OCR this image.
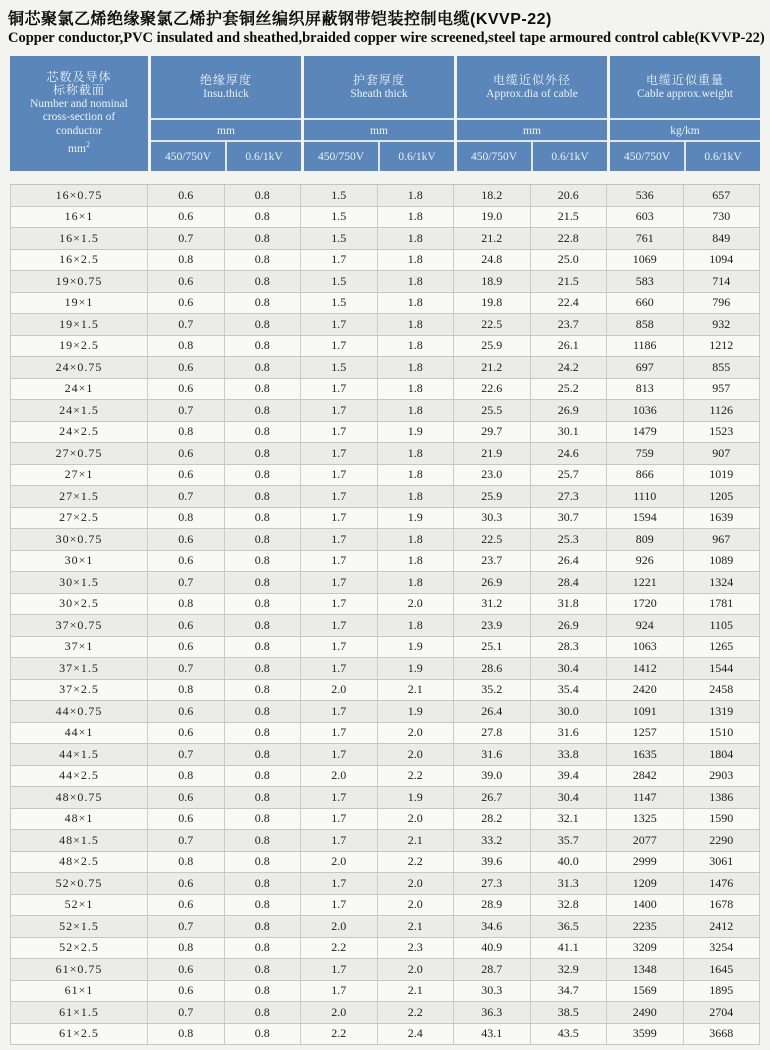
铜芯聚氯乙烯绝缘聚氯乙烯护套铜丝编织屏蔽钢带铠装控制电缆(KVVP-22)
Copper conductor,PVC insulated and sheathed,braided copper wire screened,steel tape armoured control cable(KVVP-22)
芯数及导体
标称截面
Number and nominal
cross-section of
conductor
$mm^2$
绝缘厚度
Insu.thick
mm
450/750V	0.6/1kV
护套厚度
Sheath thick
mm
450/750V	0.6/1kV
电缆近似外径
Approx.dia of cable
mm
450/750V	0.6/1kV
电缆近似重量
Cable approx.weight
kg/km
450/750V	0.6/1kV
16×0.75	0.6	0.8	1.5	1.8	18.2	20.6	536	657
16×1	0.6	0.8	1.5	1.8	19.0	21.5	603	730
16×1.5	0.7	0.8	1.5	1.8	21.2	22.8	761	849
16×2.5	0.8	0.8	1.7	1.8	24.8	25.0	1069	1094
19×0.75	0.6	0.8	1.5	1.8	18.9	21.5	583	714
19×1	0.6	0.8	1.5	1.8	19.8	22.4	660	796
19×1.5	0.7	0.8	1.7	1.8	22.5	23.7	858	932
19×2.5	0.8	0.8	1.7	1.8	25.9	26.1	1186	1212
24×0.75	0.6	0.8	1.5	1.8	21.2	24.2	697	855
24×1	0.6	0.8	1.7	1.8	22.6	25.2	813	957
24×1.5	0.7	0.8	1.7	1.8	25.5	26.9	1036	1126
24×2.5	0.8	0.8	1.7	1.9	29.7	30.1	1479	1523
27×0.75	0.6	0.8	1.7	1.8	21.9	24.6	759	907
27×1	0.6	0.8	1.7	1.8	23.0	25.7	866	1019
27×1.5	0.7	0.8	1.7	1.8	25.9	27.3	1110	1205
27×2.5	0.8	0.8	1.7	1.9	30.3	30.7	1594	1639
30×0.75	0.6	0.8	1.7	1.8	22.5	25.3	809	967
30×1	0.6	0.8	1.7	1.8	23.7	26.4	926	1089
30×1.5	0.7	0.8	1.7	1.8	26.9	28.4	1221	1324
30×2.5	0.8	0.8	1.7	2.0	31.2	31.8	1720	1781
37×0.75	0.6	0.8	1.7	1.8	23.9	26.9	924	1105
37×1	0.6	0.8	1.7	1.9	25.1	28.3	1063	1265
37×1.5	0.7	0.8	1.7	1.9	28.6	30.4	1412	1544
37×2.5	0.8	0.8	2.0	2.1	35.2	35.4	2420	2458
44×0.75	0.6	0.8	1.7	1.9	26.4	30.0	1091	1319
44×1	0.6	0.8	1.7	2.0	27.8	31.6	1257	1510
44×1.5	0.7	0.8	1.7	2.0	31.6	33.8	1635	1804
44×2.5	0.8	0.8	2.0	2.2	39.0	39.4	2842	2903
48×0.75	0.6	0.8	1.7	1.9	26.7	30.4	1147	1386
48×1	0.6	0.8	1.7	2.0	28.2	32.1	1325	1590
48×1.5	0.7	0.8	1.7	2.1	33.2	35.7	2077	2290
48×2.5	0.8	0.8	2.0	2.2	39.6	40.0	2999	3061
52×0.75	0.6	0.8	1.7	2.0	27.3	31.3	1209	1476
52×1	0.6	0.8	1.7	2.0	28.9	32.8	1400	1678
52×1.5	0.7	0.8	2.0	2.1	34.6	36.5	2235	2412
52×2.5	0.8	0.8	2.2	2.3	40.9	41.1	3209	3254
61×0.75	0.6	0.8	1.7	2.0	28.7	32.9	1348	1645
61×1	0.6	0.8	1.7	2.1	30.3	34.7	1569	1895
61×1.5	0.7	0.8	2.0	2.2	36.3	38.5	2490	2704
61×2.5	0.8	0.8	2.2	2.4	43.1	43.5	3599	3668
